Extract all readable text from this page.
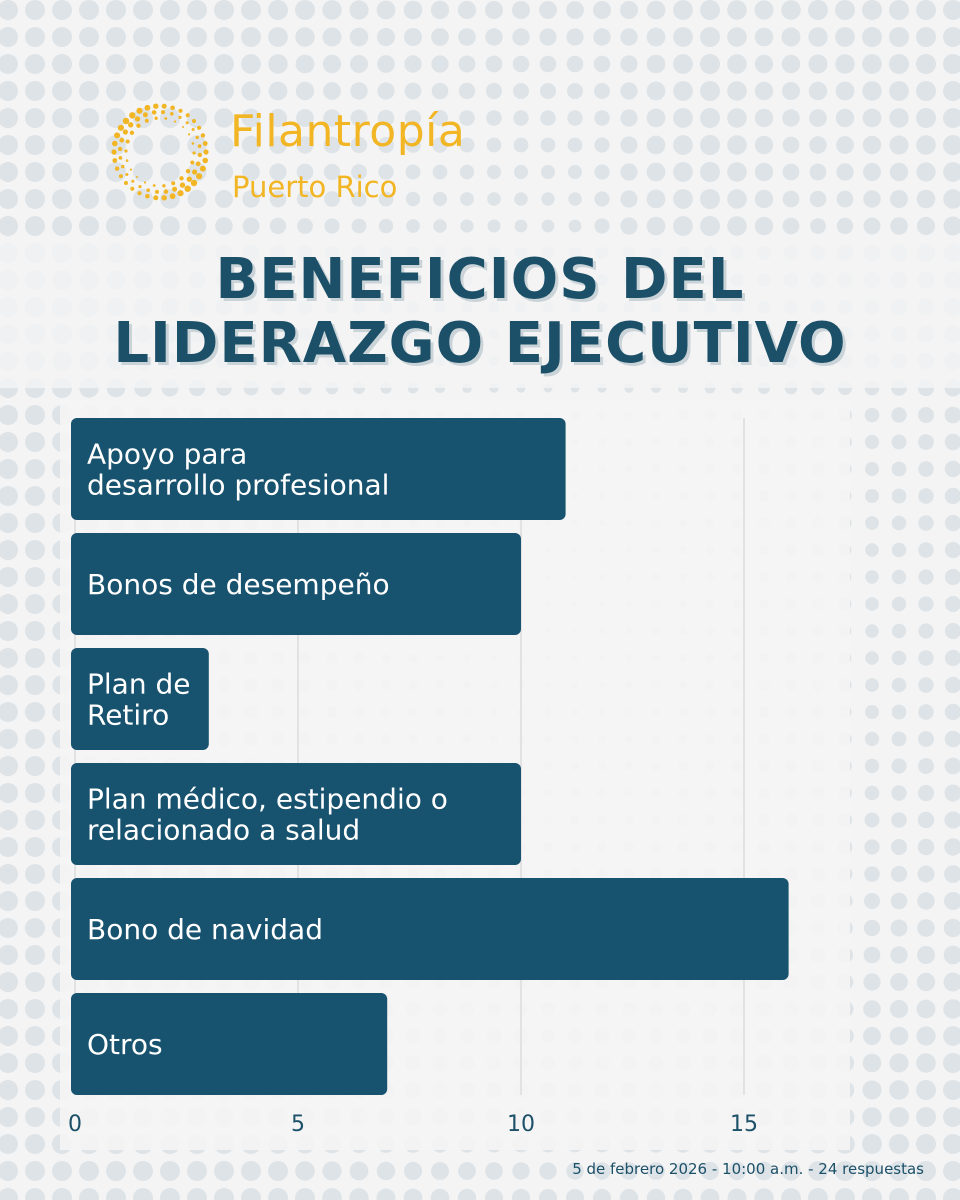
Filantropía
Puerto Rico
BENEFICIOS DEL
LIDERAZGO EJECUTIVO
0	5	10	15
Apoyo para
desarrollo profesional
Bonos de desempeño
Plan de
Retiro
Plan médico, estipendio o
relacionado a salud
Bono de navidad
Otros
5 de febrero 2026 - 10:00 a.m. - 24 respuestas
